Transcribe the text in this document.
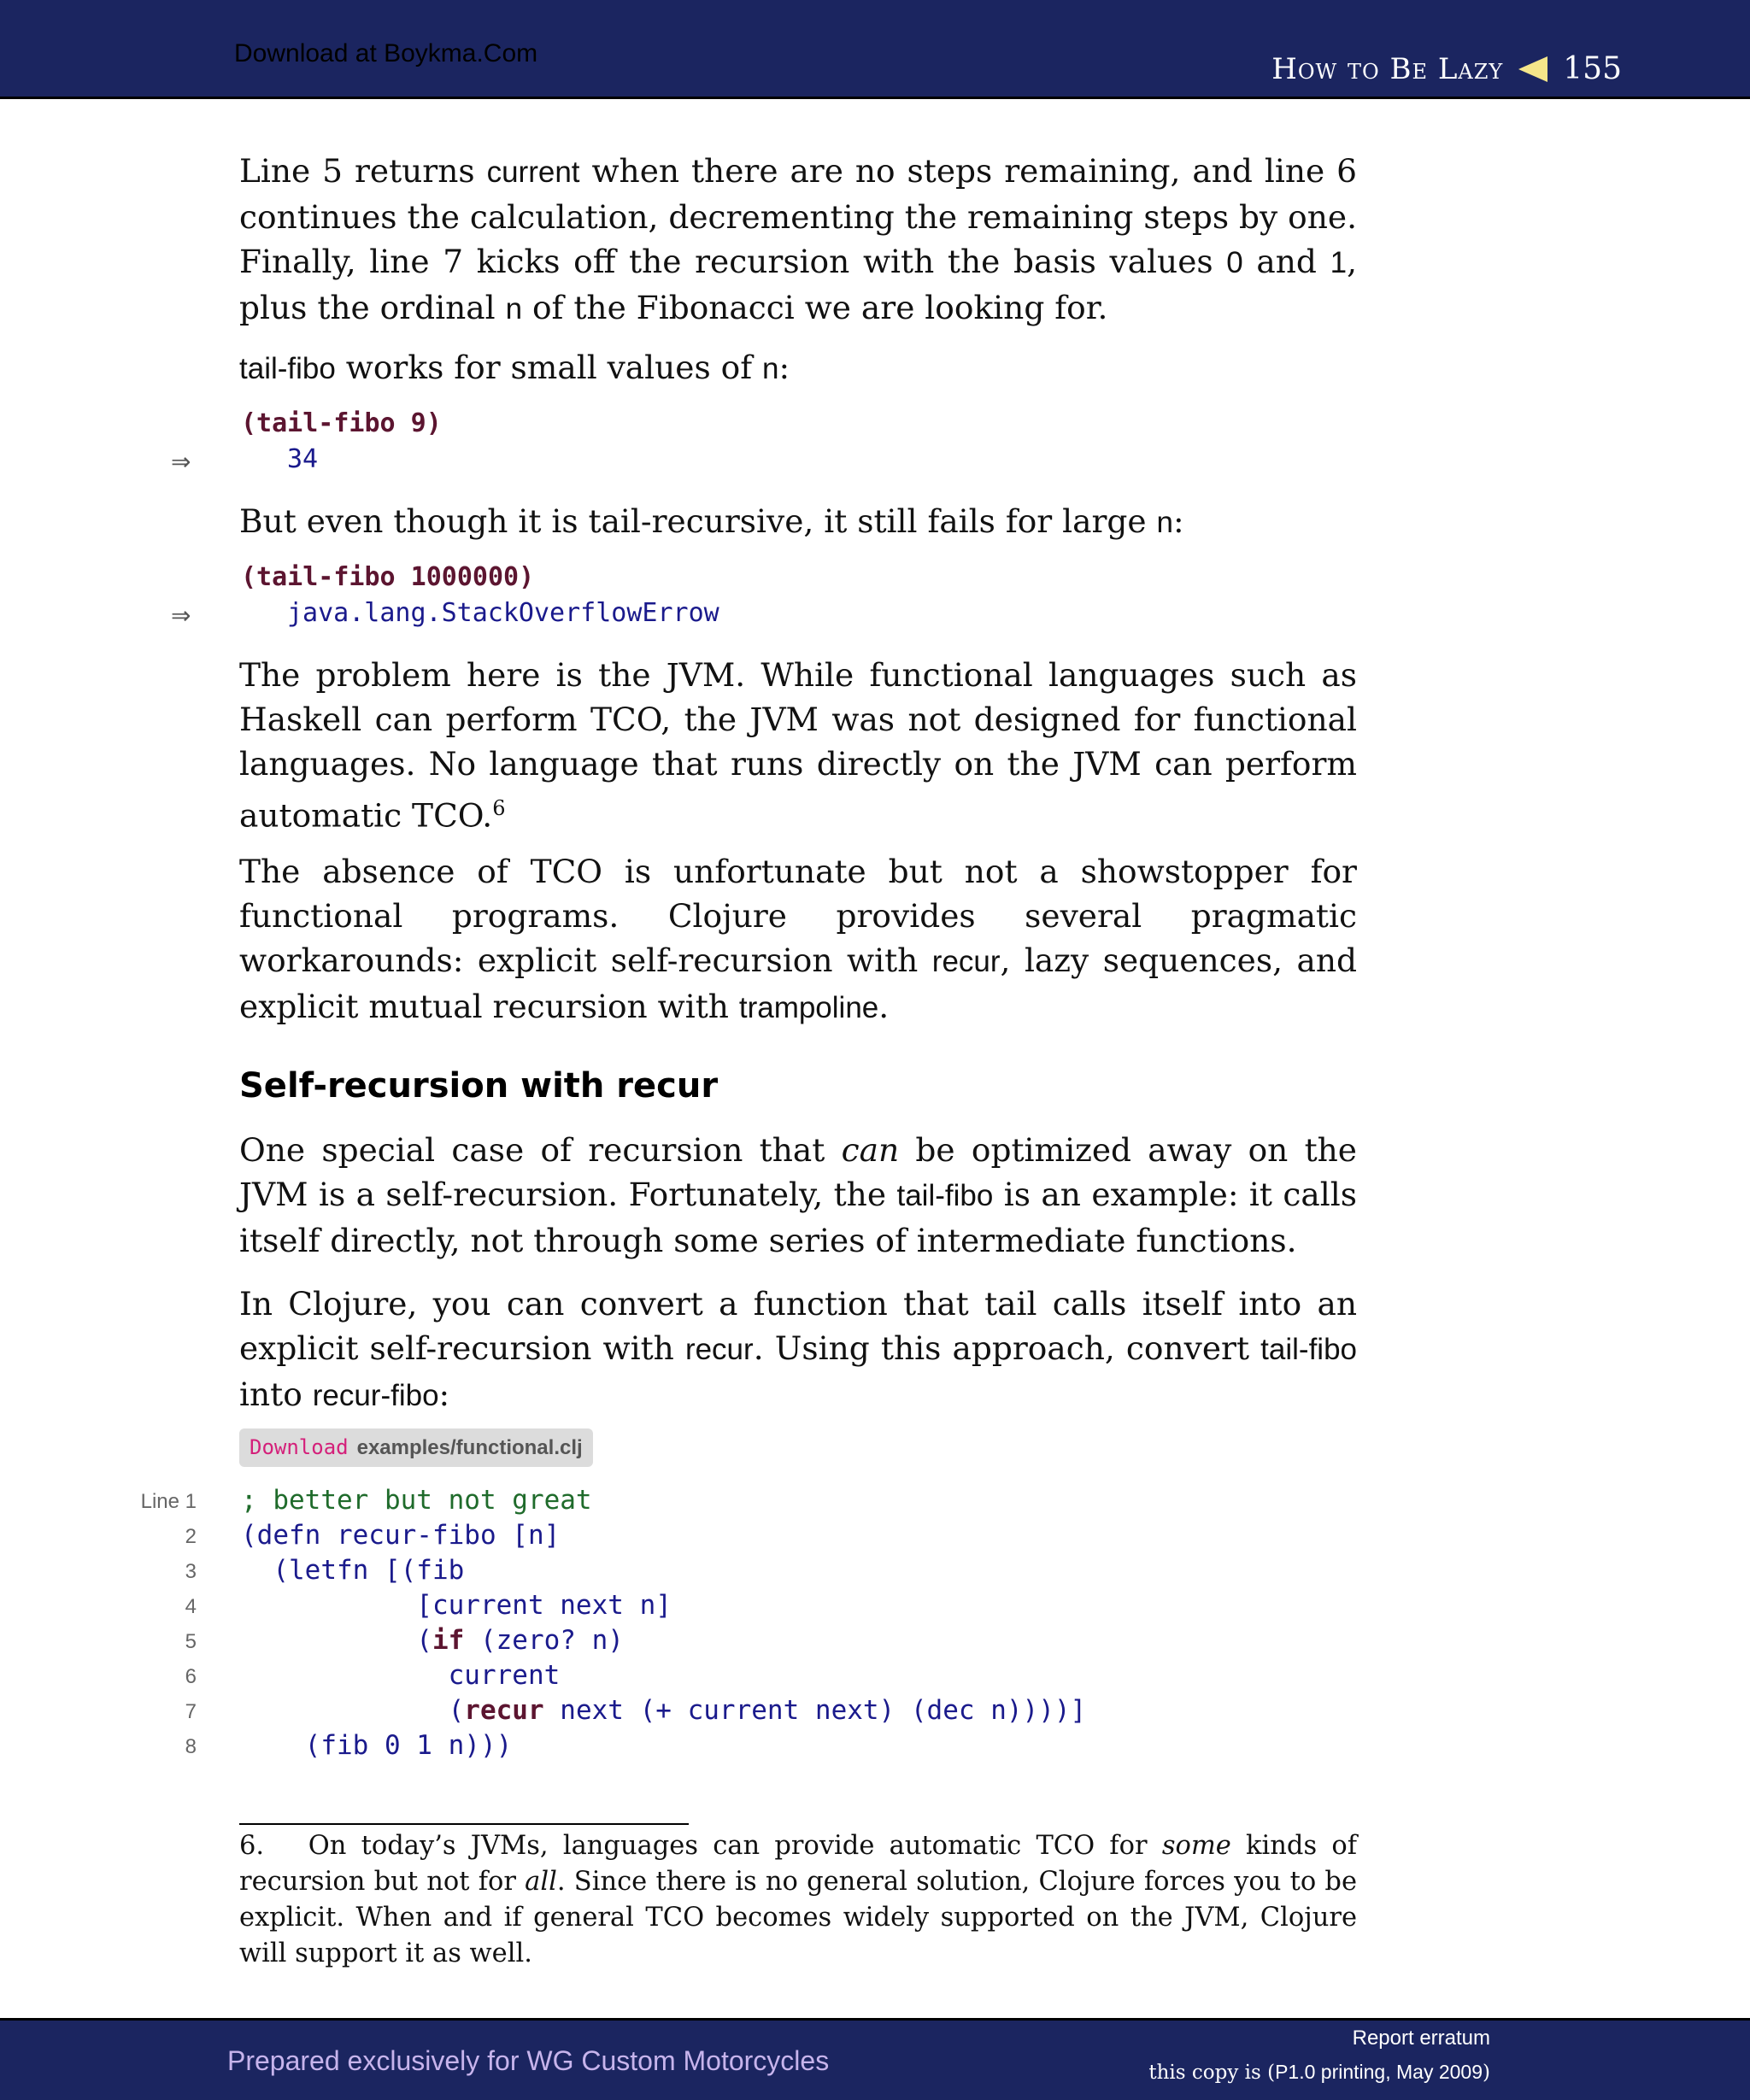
Download at Boykma.Com	How to Be Lazy 155

Line 5 returns current when there are no steps remaining, and line 6 continues the calculation, decrementing the remaining steps by one. Finally, line 7 kicks off the recursion with the basis values 0 and 1, plus the ordinal n of the Fibonacci we are looking for.

tail-fibo works for small values of n:

(tail-fibo 9)
34

But even though it is tail-recursive, it still fails for large n:

(tail-fibo 1000000)
java.lang.StackOverflowErrow

The problem here is the JVM. While functional languages such as Haskell can perform TCO, the JVM was not designed for functional languages. No language that runs directly on the JVM can perform automatic TCO.$^6$

The absence of TCO is unfortunate but not a showstopper for functional programs. Clojure provides several pragmatic workarounds: explicit self-recursion with recur, lazy sequences, and explicit mutual recursion with trampoline.

Self-recursion with recur

One special case of recursion that can be optimized away on the JVM is a self-recursion. Fortunately, the tail-fibo is an example: it calls itself directly, not through some series of intermediate functions.

In Clojure, you can convert a function that tail calls itself into an explicit self-recursion with recur. Using this approach, convert tail-fibo into recur-fibo:

⇒
⇒
Download examples/functional.clj
Line 1
2
3
4
5
6
7
8
; better but not great
(defn recur-fibo [n]
(letfn [(fib
[current next n]
(if (zero? n)
current
(recur next (+ current next) (dec n))))]
(fib 0 1 n)))
6. On today’s JVMs, languages can provide automatic TCO for some kinds of recursion but not for all. Since there is no general solution, Clojure forces you to be explicit. When and if general TCO becomes widely supported on the JVM, Clojure will support it as well.
Prepared exclusively for WG Custom Motorcycles
Report erratum
this copy is (P1.0 printing, May 2009)
